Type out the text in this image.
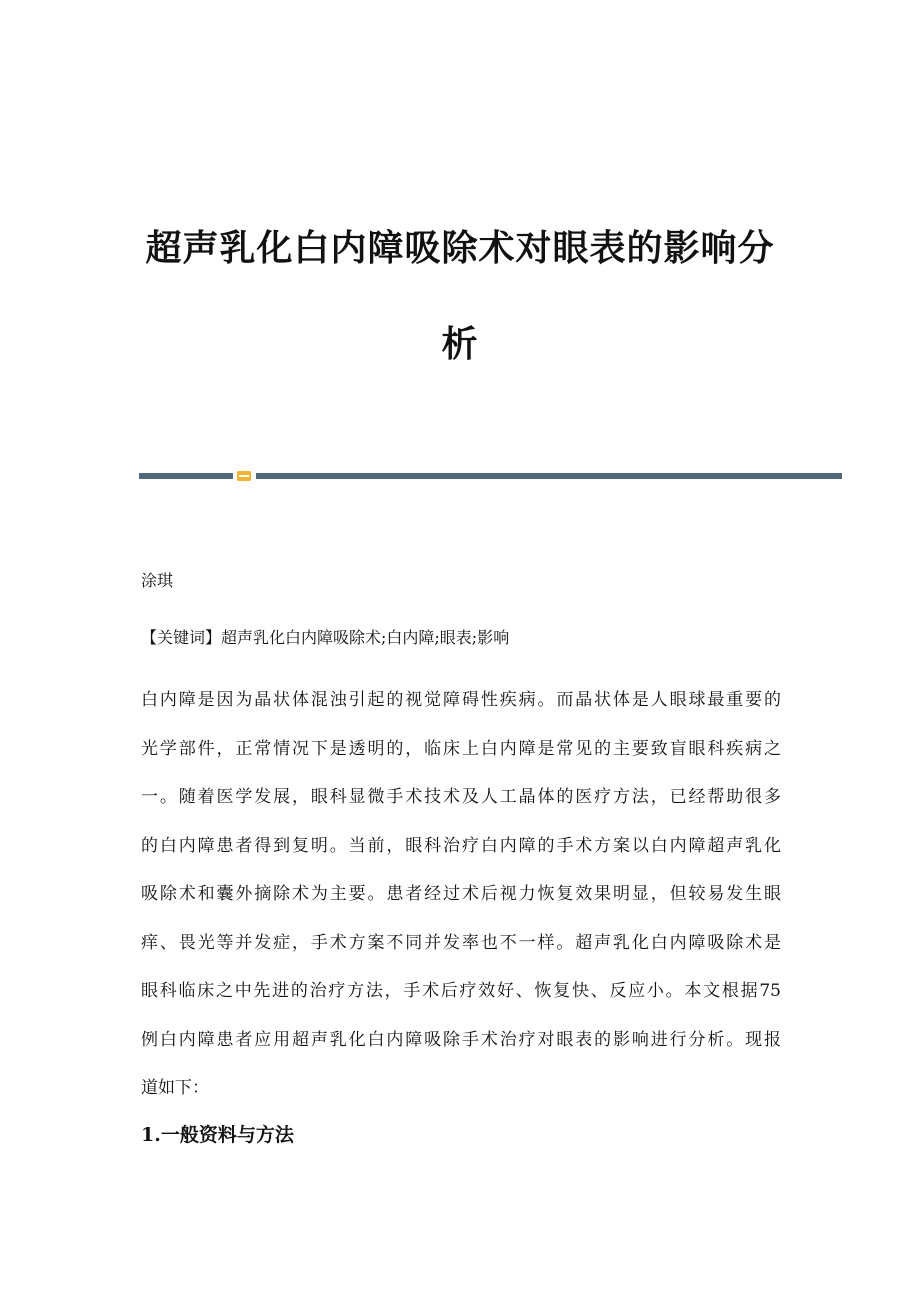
超声乳化白内障吸除术对眼表的影响分
析
涂琪
【关键词】超声乳化白内障吸除术;白内障;眼表;影响
白内障是因为晶状体混浊引起的视觉障碍性疾病。而晶状体是人眼球最重要的
光学部件，正常情况下是透明的，临床上白内障是常见的主要致盲眼科疾病之
一。随着医学发展，眼科显微手术技术及人工晶体的医疗方法，已经帮助很多
的白内障患者得到复明。当前，眼科治疗白内障的手术方案以白内障超声乳化
吸除术和囊外摘除术为主要。患者经过术后视力恢复效果明显，但较易发生眼
痒、畏光等并发症，手术方案不同并发率也不一样。超声乳化白内障吸除术是
眼科临床之中先进的治疗方法，手术后疗效好、恢复快、反应小。本文根据75
例白内障患者应用超声乳化白内障吸除手术治疗对眼表的影响进行分析。现报
道如下：
1.一般资料与方法
